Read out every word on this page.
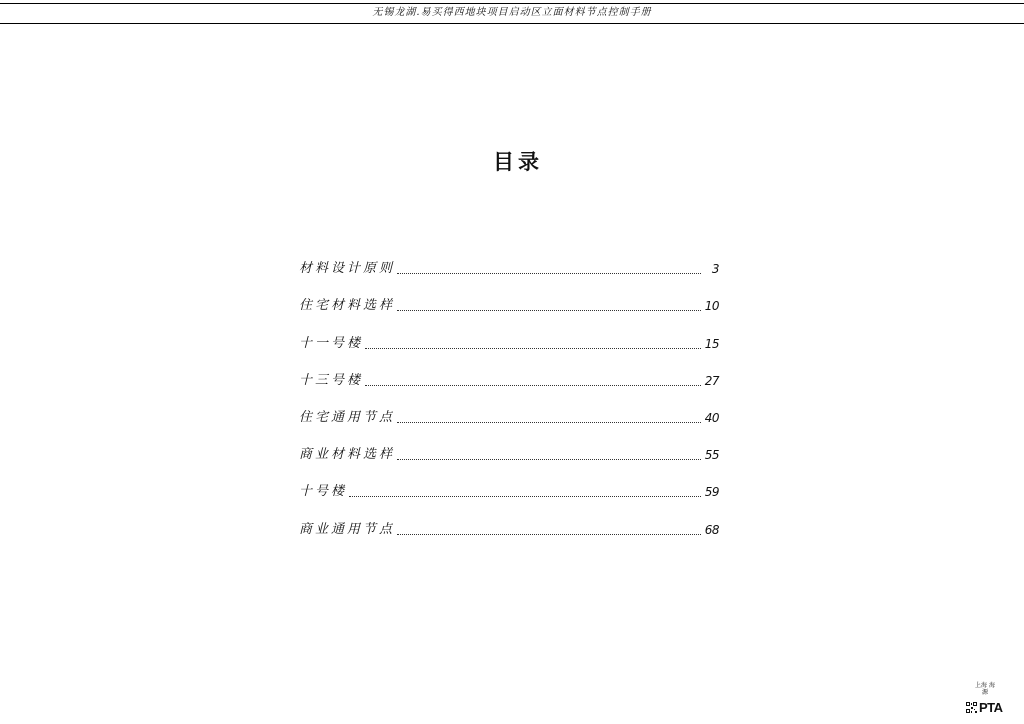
无锡龙湖.易买得西地块项目启动区立面材料节点控制手册
目录
材料设计原则	3
住宅材料选样	10
十一号楼	15
十三号楼	27
住宅通用节点	40
商业材料选样	55
十号楼	59
商业通用节点	68
上海 海源
PTA
